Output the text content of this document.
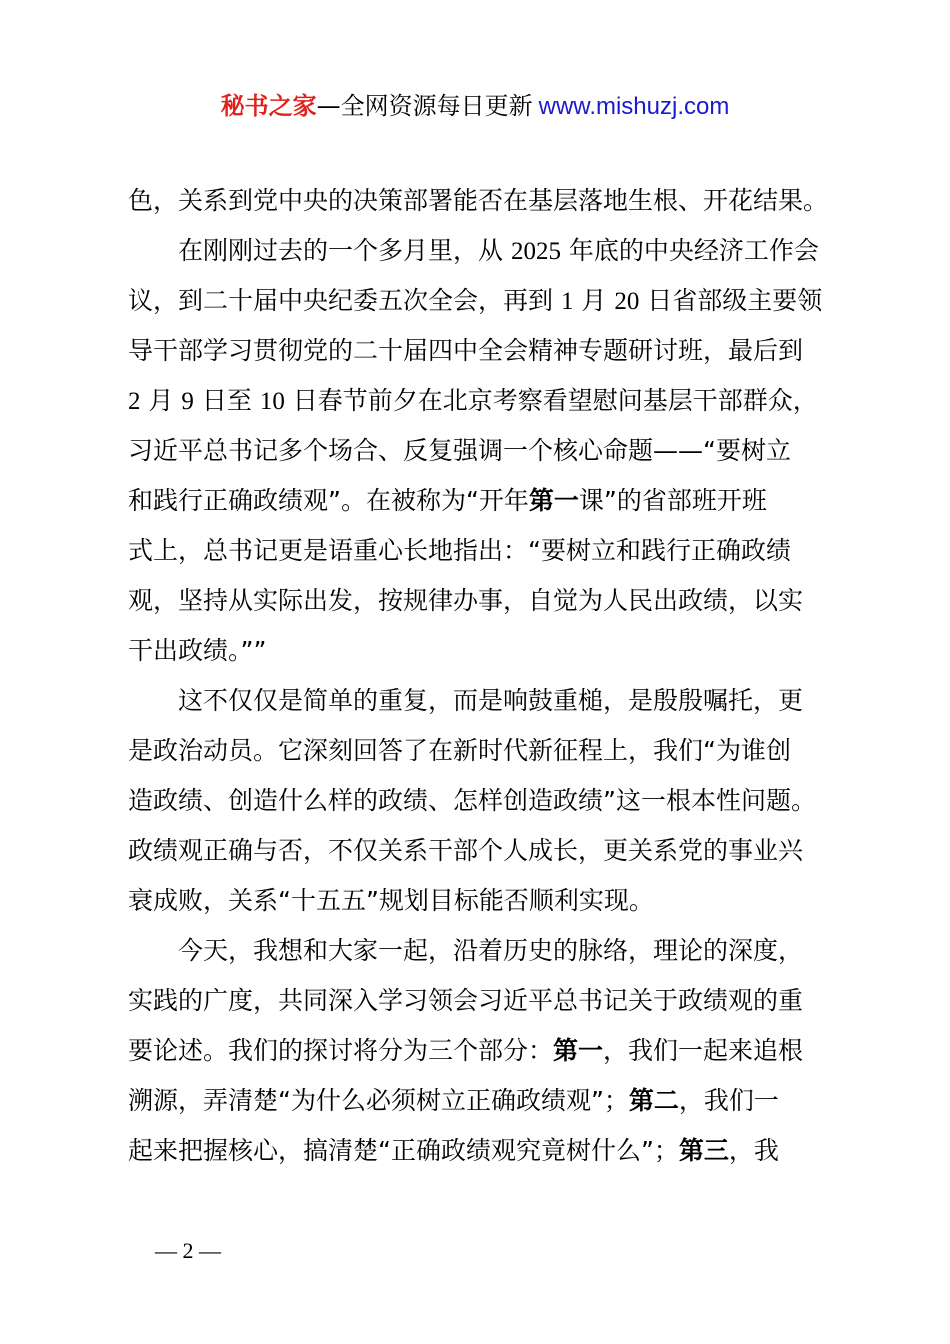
秘书之家—全网资源每日更新 www.mishuzj.com
色，关系到党中央的决策部署能否在基层落地生根、开花结果。
在刚刚过去的一个多月里，从 2025 年底的中央经济工作会
议，到二十届中央纪委五次全会，再到 1 月 20 日省部级主要领
导干部学习贯彻党的二十届四中全会精神专题研讨班，最后到
2 月 9 日至 10 日春节前夕在北京考察看望慰问基层干部群众，
习近平总书记多个场合、反复强调一个核心命题——“要树立
和践行正确政绩观”。在被称为“开年第一课”的省部班开班
式上，总书记更是语重心长地指出：“要树立和践行正确政绩
观，坚持从实际出发，按规律办事，自觉为人民出政绩，以实
干出政绩。””
这不仅仅是简单的重复，而是响鼓重槌，是殷殷嘱托，更
是政治动员。它深刻回答了在新时代新征程上，我们“为谁创
造政绩、创造什么样的政绩、怎样创造政绩”这一根本性问题。
政绩观正确与否，不仅关系干部个人成长，更关系党的事业兴
衰成败，关系“十五五”规划目标能否顺利实现。
今天，我想和大家一起，沿着历史的脉络，理论的深度，
实践的广度，共同深入学习领会习近平总书记关于政绩观的重
要论述。我们的探讨将分为三个部分：第一，我们一起来追根
溯源，弄清楚“为什么必须树立正确政绩观”；第二，我们一
起来把握核心，搞清楚“正确政绩观究竟树什么”；第三，我
— 2 —
